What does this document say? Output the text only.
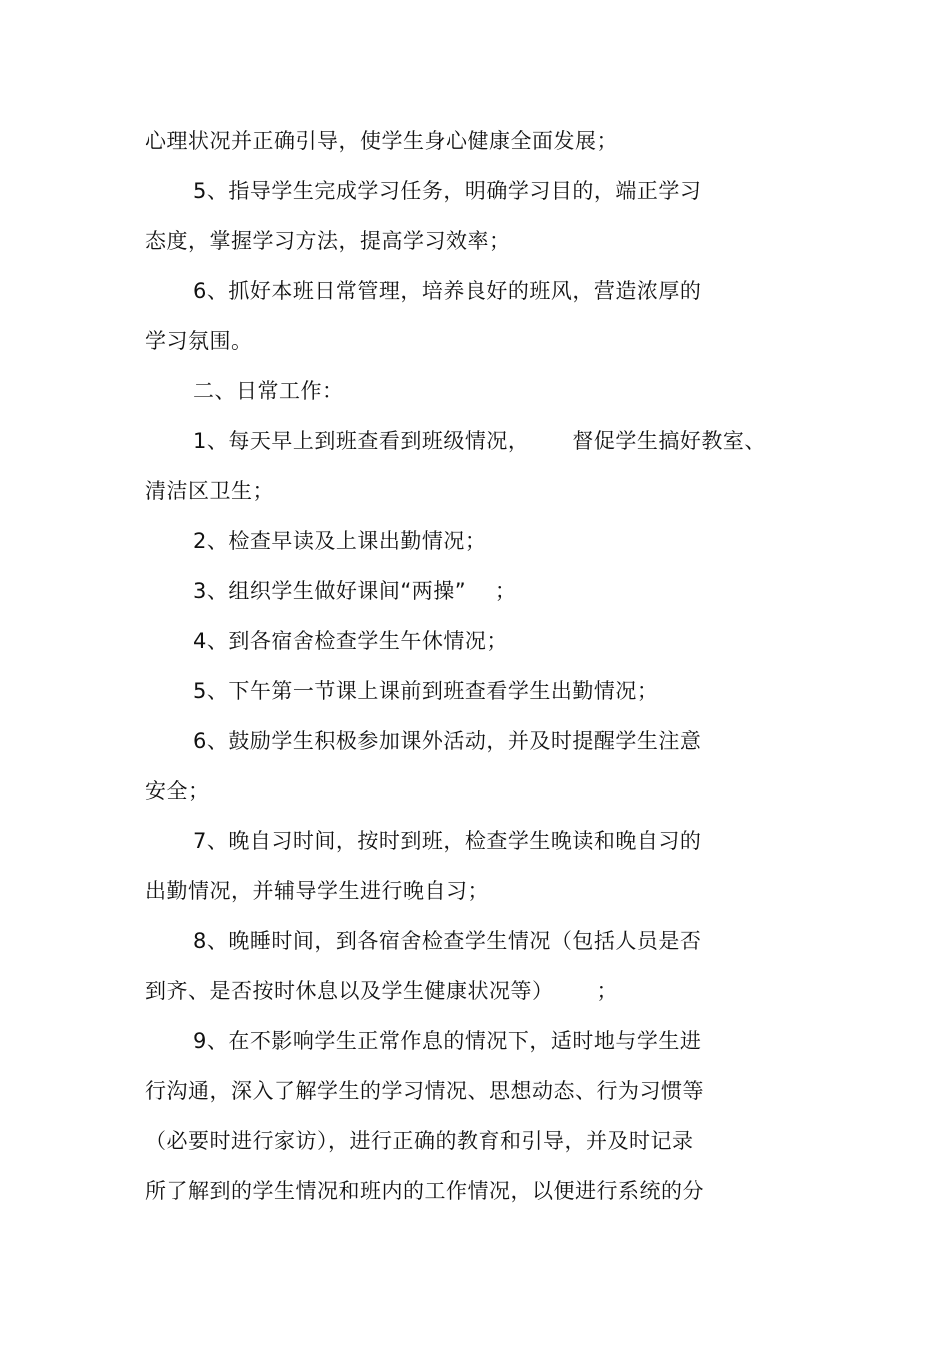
心理状况并正确引导，使学生身心健康全面发展；
5、指导学生完成学习任务，明确学习目的，端正学习
态度，掌握学习方法，提高学习效率；
6、抓好本班日常管理，培养良好的班风，营造浓厚的
学习氛围。
二、日常工作：
1、每天早上到班查看到班级情况，      督促学生搞好教室、
清洁区卫生；
2、检查早读及上课出勤情况；
3、组织学生做好课间“两操”    ；
4、到各宿舍检查学生午休情况；
5、下午第一节课上课前到班查看学生出勤情况；
6、鼓励学生积极参加课外活动，并及时提醒学生注意
安全；
7、晚自习时间，按时到班，检查学生晚读和晚自习的
出勤情况，并辅导学生进行晚自习；
8、晚睡时间，到各宿舍检查学生情况（包括人员是否
到齐、是否按时休息以及学生健康状况等）      ；
9、在不影响学生正常作息的情况下，适时地与学生进
行沟通，深入了解学生的学习情况、思想动态、行为习惯等
（必要时进行家访），进行正确的教育和引导，并及时记录
所了解到的学生情况和班内的工作情况，以便进行系统的分
